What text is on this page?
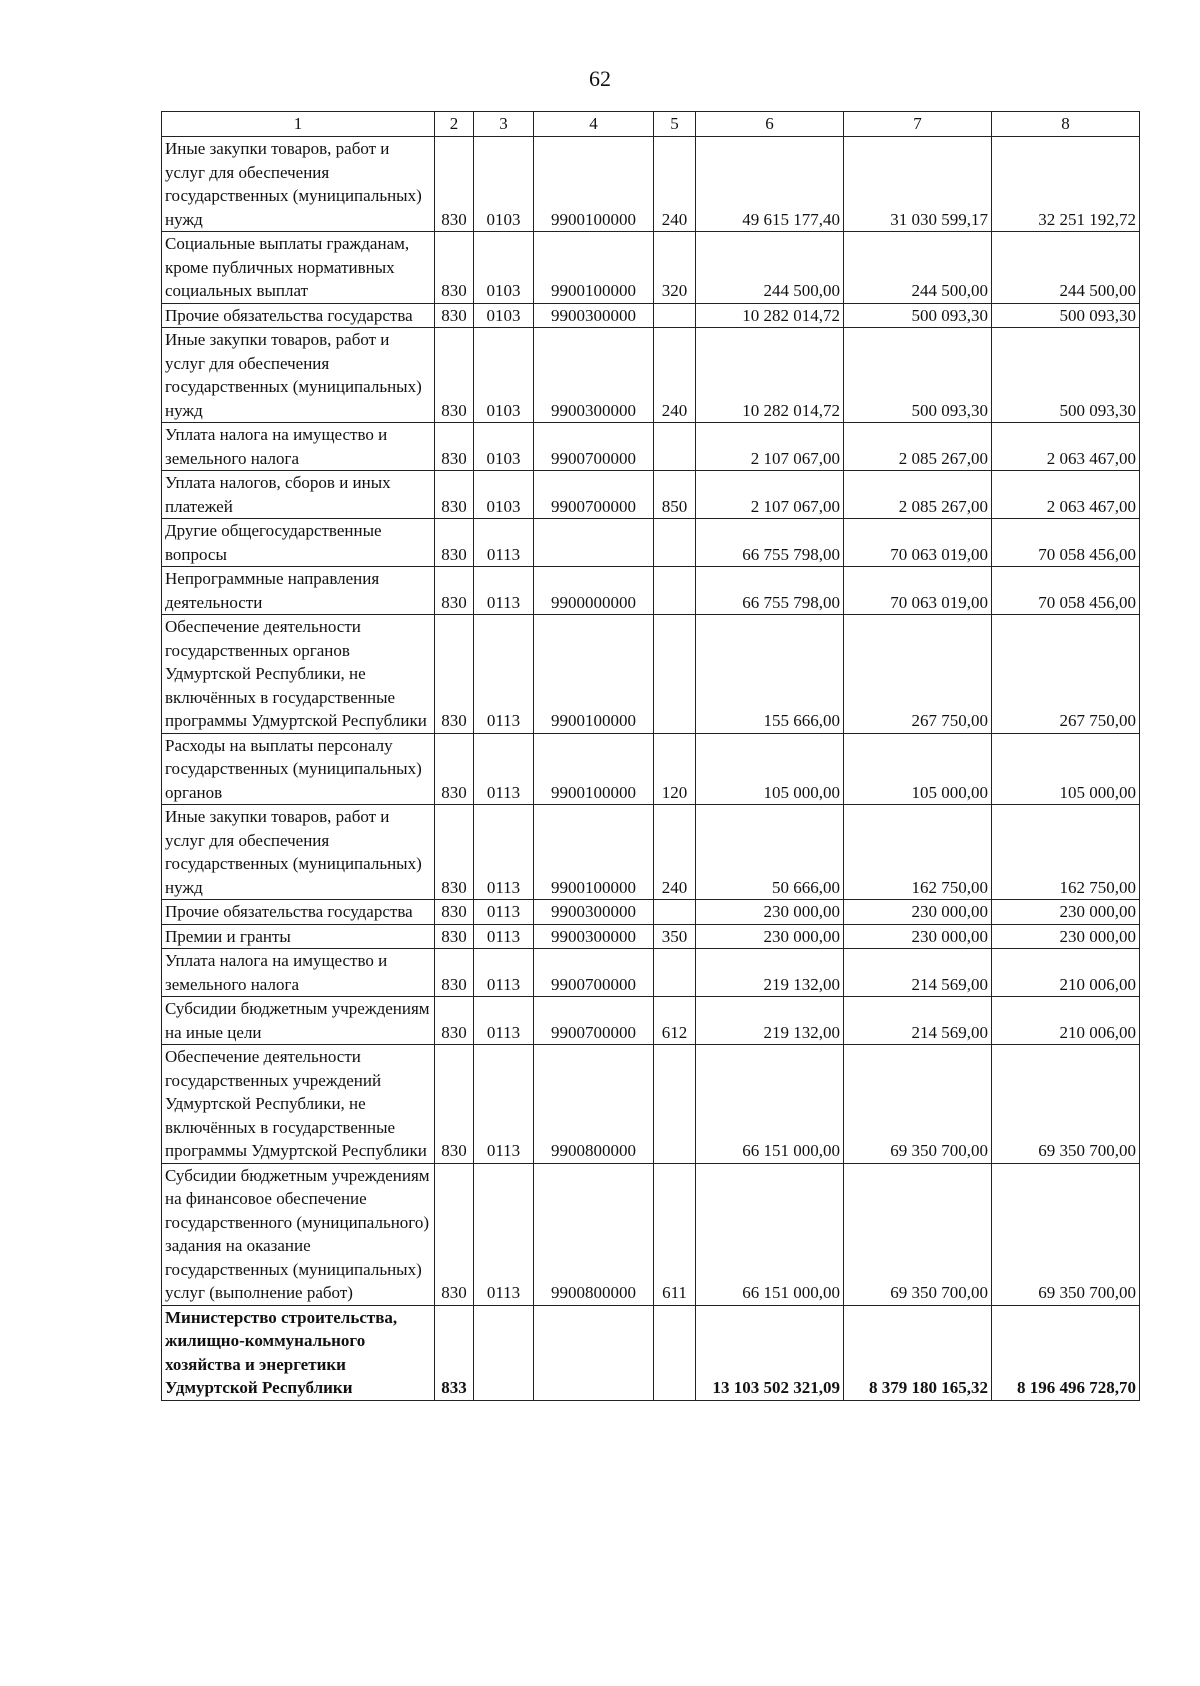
62
1	2	3	4	5	6	7	8
Иные закупки товаров, работ и услуг для обеспечения государственных (муниципальных) нужд	830	0103	9900100000	240	49 615 177,40	31 030 599,17	32 251 192,72
Социальные выплаты гражданам, кроме публичных нормативных социальных выплат	830	0103	9900100000	320	244 500,00	244 500,00	244 500,00
Прочие обязательства государства	830	0103	9900300000		10 282 014,72	500 093,30	500 093,30
Иные закупки товаров, работ и услуг для обеспечения государственных (муниципальных) нужд	830	0103	9900300000	240	10 282 014,72	500 093,30	500 093,30
Уплата налога на имущество и земельного налога	830	0103	9900700000		2 107 067,00	2 085 267,00	2 063 467,00
Уплата налогов, сборов и иных платежей	830	0103	9900700000	850	2 107 067,00	2 085 267,00	2 063 467,00
Другие общегосударственные вопросы	830	0113			66 755 798,00	70 063 019,00	70 058 456,00
Непрограммные направления деятельности	830	0113	9900000000		66 755 798,00	70 063 019,00	70 058 456,00
Обеспечение деятельности государственных органов Удмуртской Республики, не включённых в государственные программы Удмуртской Республики	830	0113	9900100000		155 666,00	267 750,00	267 750,00
Расходы на выплаты персоналу государственных (муниципальных) органов	830	0113	9900100000	120	105 000,00	105 000,00	105 000,00
Иные закупки товаров, работ и услуг для обеспечения государственных (муниципальных) нужд	830	0113	9900100000	240	50 666,00	162 750,00	162 750,00
Прочие обязательства государства	830	0113	9900300000		230 000,00	230 000,00	230 000,00
Премии и гранты	830	0113	9900300000	350	230 000,00	230 000,00	230 000,00
Уплата налога на имущество и земельного налога	830	0113	9900700000		219 132,00	214 569,00	210 006,00
Субсидии бюджетным учреждениям на иные цели	830	0113	9900700000	612	219 132,00	214 569,00	210 006,00
Обеспечение деятельности государственных учреждений Удмуртской Республики, не включённых в государственные программы Удмуртской Республики	830	0113	9900800000		66 151 000,00	69 350 700,00	69 350 700,00
Субсидии бюджетным учреждениям на финансовое обеспечение государственного (муниципального) задания на оказание государственных (муниципальных) услуг (выполнение работ)	830	0113	9900800000	611	66 151 000,00	69 350 700,00	69 350 700,00
Министерство строительства, жилищно-коммунального хозяйства и энергетики Удмуртской Республики	833				13 103 502 321,09	8 379 180 165,32	8 196 496 728,70
